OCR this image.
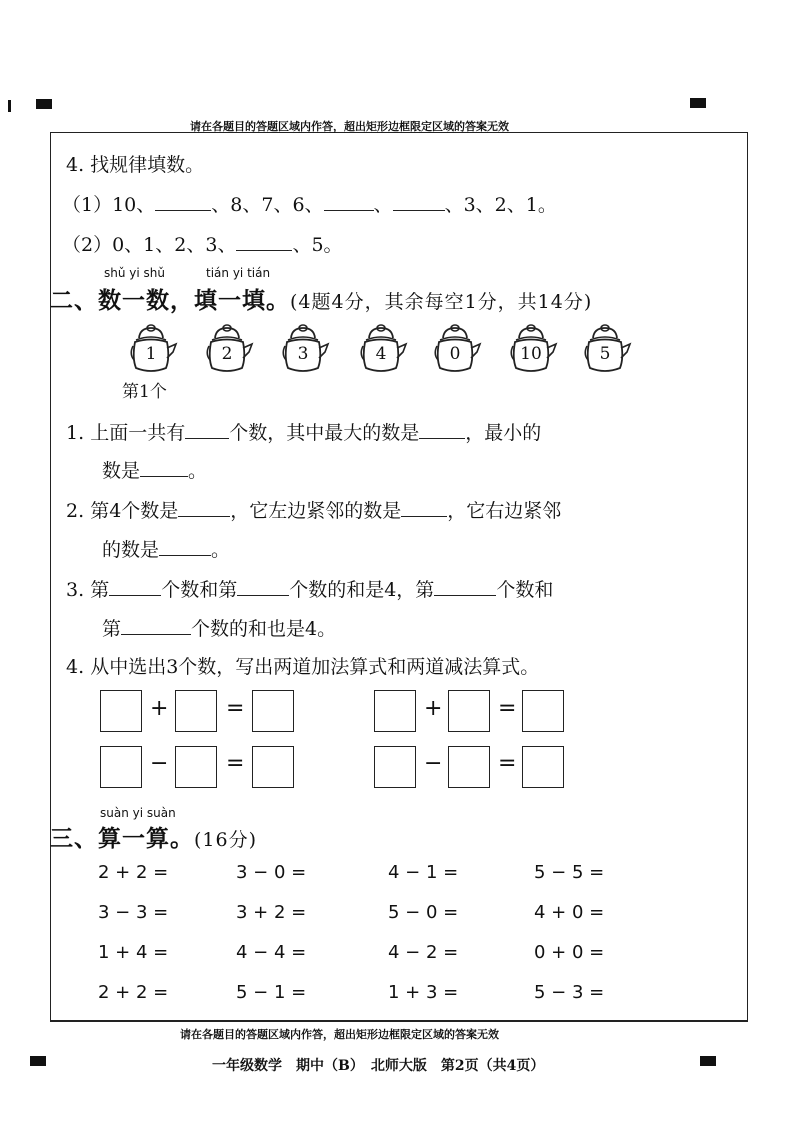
请在各题目的答题区域内作答，超出矩形边框限定区域的答案无效
请在各题目的答题区域内作答，超出矩形边框限定区域的答案无效
4. 找规律填数。
（1）10、	、8、7、6、	、	、3、2、1。
（2）0、1、2、3、	、5。
shǔ yi shǔ	tián yi tián
二、数一数，填一填。(4题4分，其余每空1分，共14分)
1	2	3	4	0	10	5
第1个
1. 上面一共有 个数，其中最大的数是 ，最小的
数是	。
2. 第4个数是	，它左边紧邻的数是 ，它右边紧邻
的数是	。
3. 第	个数和第	个数的和是4，第	个数和
第	个数的和也是4。
4. 从中选出3个数，写出两道加法算式和两道减法算式。
+	=	+	=
−	=	−	=
suàn yi suàn
三、算一算。(16分)
2 + 2 =	3 − 0 =	4 − 1 =	5 − 5 =
3 − 3 =	3 + 2 =	5 − 0 =	4 + 0 =
1 + 4 =	4 − 4 =	4 − 2 =	0 + 0 =
2 + 2 =	5 − 1 =	1 + 3 =	5 − 3 =
一年级数学　期中（B）　北师大版　第2页（共4页）
